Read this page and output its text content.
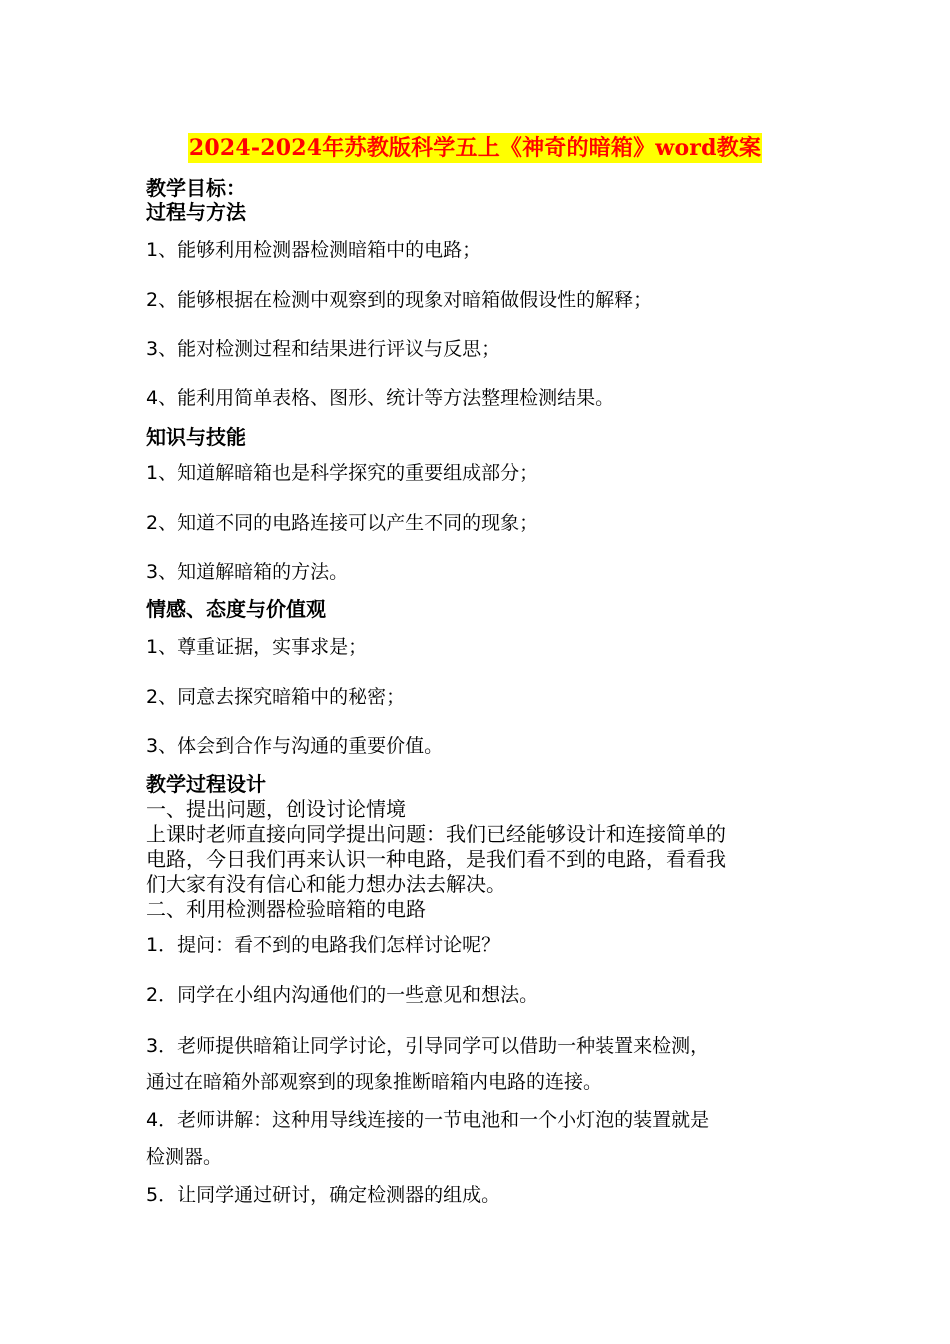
2024-2024年苏教版科学五上《神奇的暗箱》word教案
教学目标：
过程与方法
1、能够利用检测器检测暗箱中的电路；
2、能够根据在检测中观察到的现象对暗箱做假设性的解释；
3、能对检测过程和结果进行评议与反思；
4、能利用简单表格、图形、统计等方法整理检测结果。
知识与技能
1、知道解暗箱也是科学探究的重要组成部分；
2、知道不同的电路连接可以产生不同的现象；
3、知道解暗箱的方法。
情感、态度与价值观
1、尊重证据，实事求是；
2、同意去探究暗箱中的秘密；
3、体会到合作与沟通的重要价值。
教学过程设计
一、提出问题，创设讨论情境
上课时老师直接向同学提出问题：我们已经能够设计和连接简单的
电路，今日我们再来认识一种电路，是我们看不到的电路，看看我
们大家有没有信心和能力想办法去解决。
二、利用检测器检验暗箱的电路
1．提问：看不到的电路我们怎样讨论呢？
2．同学在小组内沟通他们的一些意见和想法。
3．老师提供暗箱让同学讨论，引导同学可以借助一种装置来检测，
通过在暗箱外部观察到的现象推断暗箱内电路的连接。
4．老师讲解：这种用导线连接的一节电池和一个小灯泡的装置就是
检测器。
5．让同学通过研讨，确定检测器的组成。
